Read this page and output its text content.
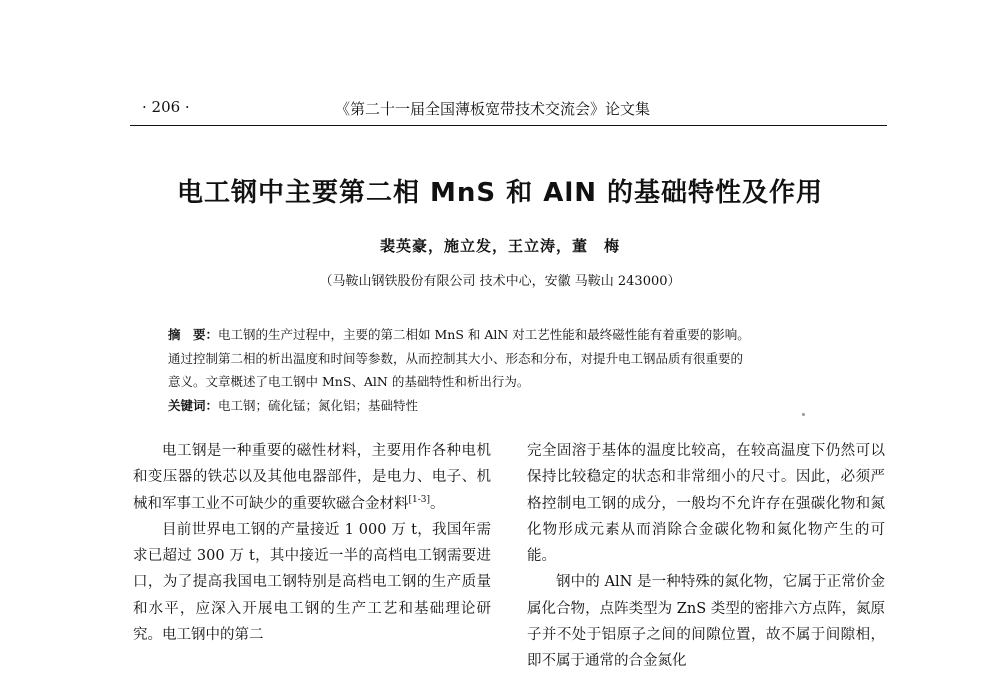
· 206 ·	《第二十一届全国薄板宽带技术交流会》论文集
电工钢中主要第二相 MnS 和 AlN 的基础特性及作用
裴英豪，施立发，王立涛，董　梅
（马鞍山钢铁股份有限公司 技术中心，安徽 马鞍山 243000）

摘　要：电工钢的生产过程中，主要的第二相如 MnS 和 AlN 对工艺性能和最终磁性能有着重要的影响。

通过控制第二相的析出温度和时间等参数，从而控制其大小、形态和分布，对提升电工钢品质有很重要的

意义。文章概述了电工钢中 MnS、AlN 的基础特性和析出行为。

关键词：电工钢；硫化锰；氮化铝；基础特性

电工钢是一种重要的磁性材料，主要用作各种电机和变压器的铁芯以及其他电器部件，是电力、电子、机械和军事工业不可缺少的重要软磁合金材料[1-3]。

目前世界电工钢的产量接近 1 000 万 t，我国年需求已超过 300 万 t，其中接近一半的高档电工钢需要进口，为了提高我国电工钢特别是高档电工钢的生产质量和水平，应深入开展电工钢的生产工艺和基础理论研究。电工钢中的第二

完全固溶于基体的温度比较高，在较高温度下仍然可以保持比较稳定的状态和非常细小的尺寸。因此，必须严格控制电工钢的成分，一般均不允许存在强碳化物和氮化物形成元素从而消除合金碳化物和氮化物产生的可能。

钢中的 AlN 是一种特殊的氮化物，它属于正常价金属化合物，点阵类型为 ZnS 类型的密排六方点阵，氮原子并不处于铝原子之间的间隙位置，故不属于间隙相，即不属于通常的合金氮化
